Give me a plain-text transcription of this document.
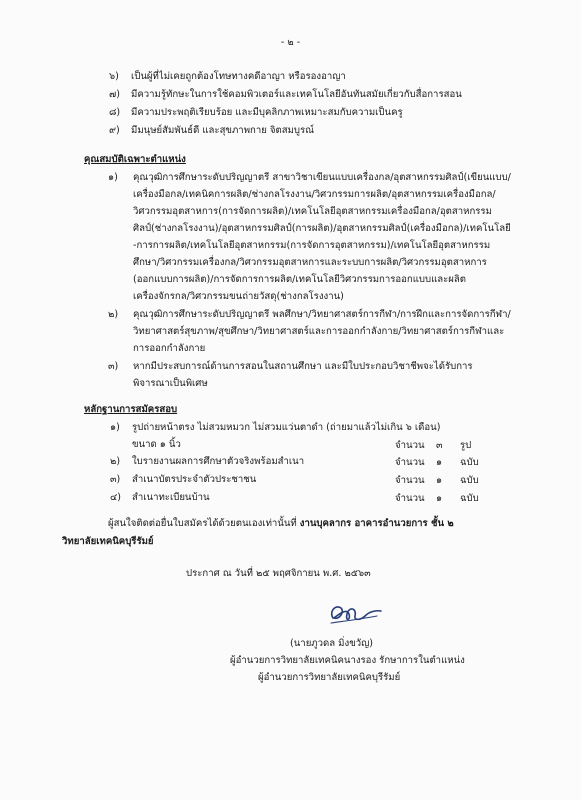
- ๒ -
๖) เป็นผู้ที่ไม่เคยถูกต้องโทษทางคดีอาญา หรือรองอาญา
๗) มีความรู้ทักษะในการใช้คอมพิวเตอร์และเทคโนโลยีอันทันสมัยเกี่ยวกับสื่อการสอน
๘) มีความประพฤติเรียบร้อย และมีบุคลิกภาพเหมาะสมกับความเป็นครู
๙) มีมนุษย์สัมพันธ์ดี และสุขภาพกาย จิตสมบูรณ์
คุณสมบัติเฉพาะตำแหน่ง
๑) คุณวุฒิการศึกษาระดับปริญญาตรี สาขาวิชาเขียนแบบเครื่องกล/อุตสาหกรรมศิลป์(เขียนแบบ/
เครื่องมือกล/เทคนิคการผลิต/ช่างกลโรงงาน/วิศวกรรมการผลิต/อุตสาหกรรมเครื่องมือกล/
วิศวกรรมอุตสาหการ(การจัดการผลิต)/เทคโนโลยีอุตสาหกรรมเครื่องมือกล/อุตสาหกรรม
ศิลป์(ช่างกลโรงงาน)/อุตสาหกรรมศิลป์(การผลิต)/อุตสาหกรรมศิลป์(เครื่องมือกล)/เทคโนโลยี
-การการผลิต/เทคโนโลยีอุตสาหกรรม(การจัดการอุตสาหกรรม)/เทคโนโลยีอุตสาหกรรม
ศึกษา/วิศวกรรมเครื่องกล/วิศวกรรมอุตสาหการและระบบการผลิต/วิศวกรรมอุตสาหการ
(ออกแบบการผลิต)/การจัดการการผลิต/เทคโนโลยีวิศวกรรมการออกแบบและผลิต
เครื่องจักรกล/วิศวกรรมขนถ่ายวัสดุ(ช่างกลโรงงาน)
๒) คุณวุฒิการศึกษาระดับปริญญาตรี พลศึกษา/วิทยาศาสตร์การกีฬา/การฝึกและการจัดการกีฬา/
วิทยาศาสตร์สุขภาพ/สุขศึกษา/วิทยาศาสตร์และการออกกำลังกาย/วิทยาศาสตร์การกีฬาและ
การออกกำลังกาย
๓) หากมีประสบการณ์ด้านการสอนในสถานศึกษา และมีใบประกอบวิชาชีพจะได้รับการ
พิจารณาเป็นพิเศษ
หลักฐานการสมัครสอบ
๑) รูปถ่ายหน้าตรง ไม่สวมหมวก ไม่สวมแว่นตาดำ (ถ่ายมาแล้วไม่เกิน ๖ เดือน)
ขนาด ๑ นิ้ว	จำนวน ๓ รูป
๒) ใบรายงานผลการศึกษาตัวจริงพร้อมสำเนา	จำนวน ๑ ฉบับ
๓) สำเนาบัตรประจำตัวประชาชน	จำนวน ๑ ฉบับ
๔) สำเนาทะเบียนบ้าน	จำนวน ๑ ฉบับ
ผู้สนใจติดต่อยื่นใบสมัครได้ด้วยตนเองเท่านั้นที่ งานบุคลากร อาคารอำนวยการ ชั้น ๒
วิทยาลัยเทคนิคบุรีรัมย์
ประกาศ ณ วันที่ ๒๕ พฤศจิกายน พ.ศ. ๒๕๖๓
(นายภูวดล มิ่งขวัญ)
ผู้อำนวยการวิทยาลัยเทคนิคนางรอง รักษาการในตำแหน่ง
ผู้อำนวยการวิทยาลัยเทคนิคบุรีรัมย์
